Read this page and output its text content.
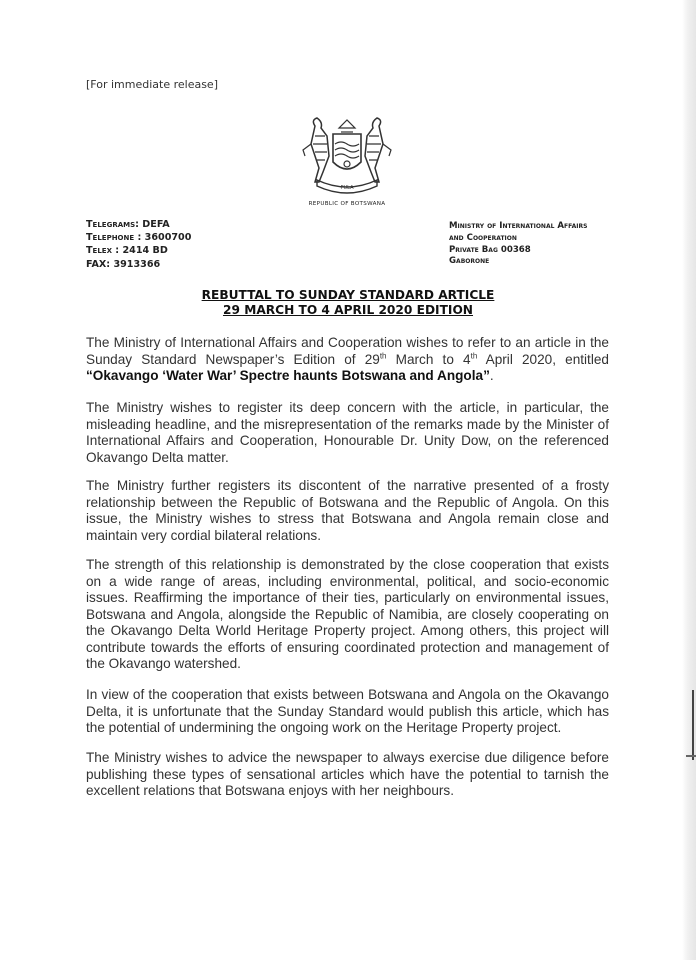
[For immediate release]
PULA
REPUBLIC OF BOTSWANA
Telegrams: DEFA
Telephone : 3600700
Telex : 2414 BD
FAX: 3913366
Ministry of International Affairs
and Cooperation
Private Bag 00368
Gaborone
REBUTTAL TO SUNDAY STANDARD ARTICLE
29 MARCH TO 4 APRIL 2020 EDITION

The Ministry of International Affairs and Cooperation wishes to refer to an article in the Sunday Standard Newspaper’s Edition of 29th March to 4th April 2020, entitled “Okavango ‘Water War’ Spectre haunts Botswana and Angola”.

The Ministry wishes to register its deep concern with the article, in particular, the misleading headline, and the misrepresentation of the remarks made by the Minister of International Affairs and Cooperation, Honourable Dr. Unity Dow, on the referenced Okavango Delta matter.

The Ministry further registers its discontent of the narrative presented of a frosty relationship between the Republic of Botswana and the Republic of Angola. On this issue, the Ministry wishes to stress that Botswana and Angola remain close and maintain very cordial bilateral relations.

The strength of this relationship is demonstrated by the close cooperation that exists on a wide range of areas, including environmental, political, and socio-economic issues. Reaffirming the importance of their ties, particularly on environmental issues, Botswana and Angola, alongside the Republic of Namibia, are closely cooperating on the Okavango Delta World Heritage Property project. Among others, this project will contribute towards the efforts of ensuring coordinated protection and management of the Okavango watershed.

In view of the cooperation that exists between Botswana and Angola on the Okavango Delta, it is unfortunate that the Sunday Standard would publish this article, which has the potential of undermining the ongoing work on the Heritage Property project.

The Ministry wishes to advice the newspaper to always exercise due diligence before publishing these types of sensational articles which have the potential to tarnish the excellent relations that Botswana enjoys with her neighbours.
